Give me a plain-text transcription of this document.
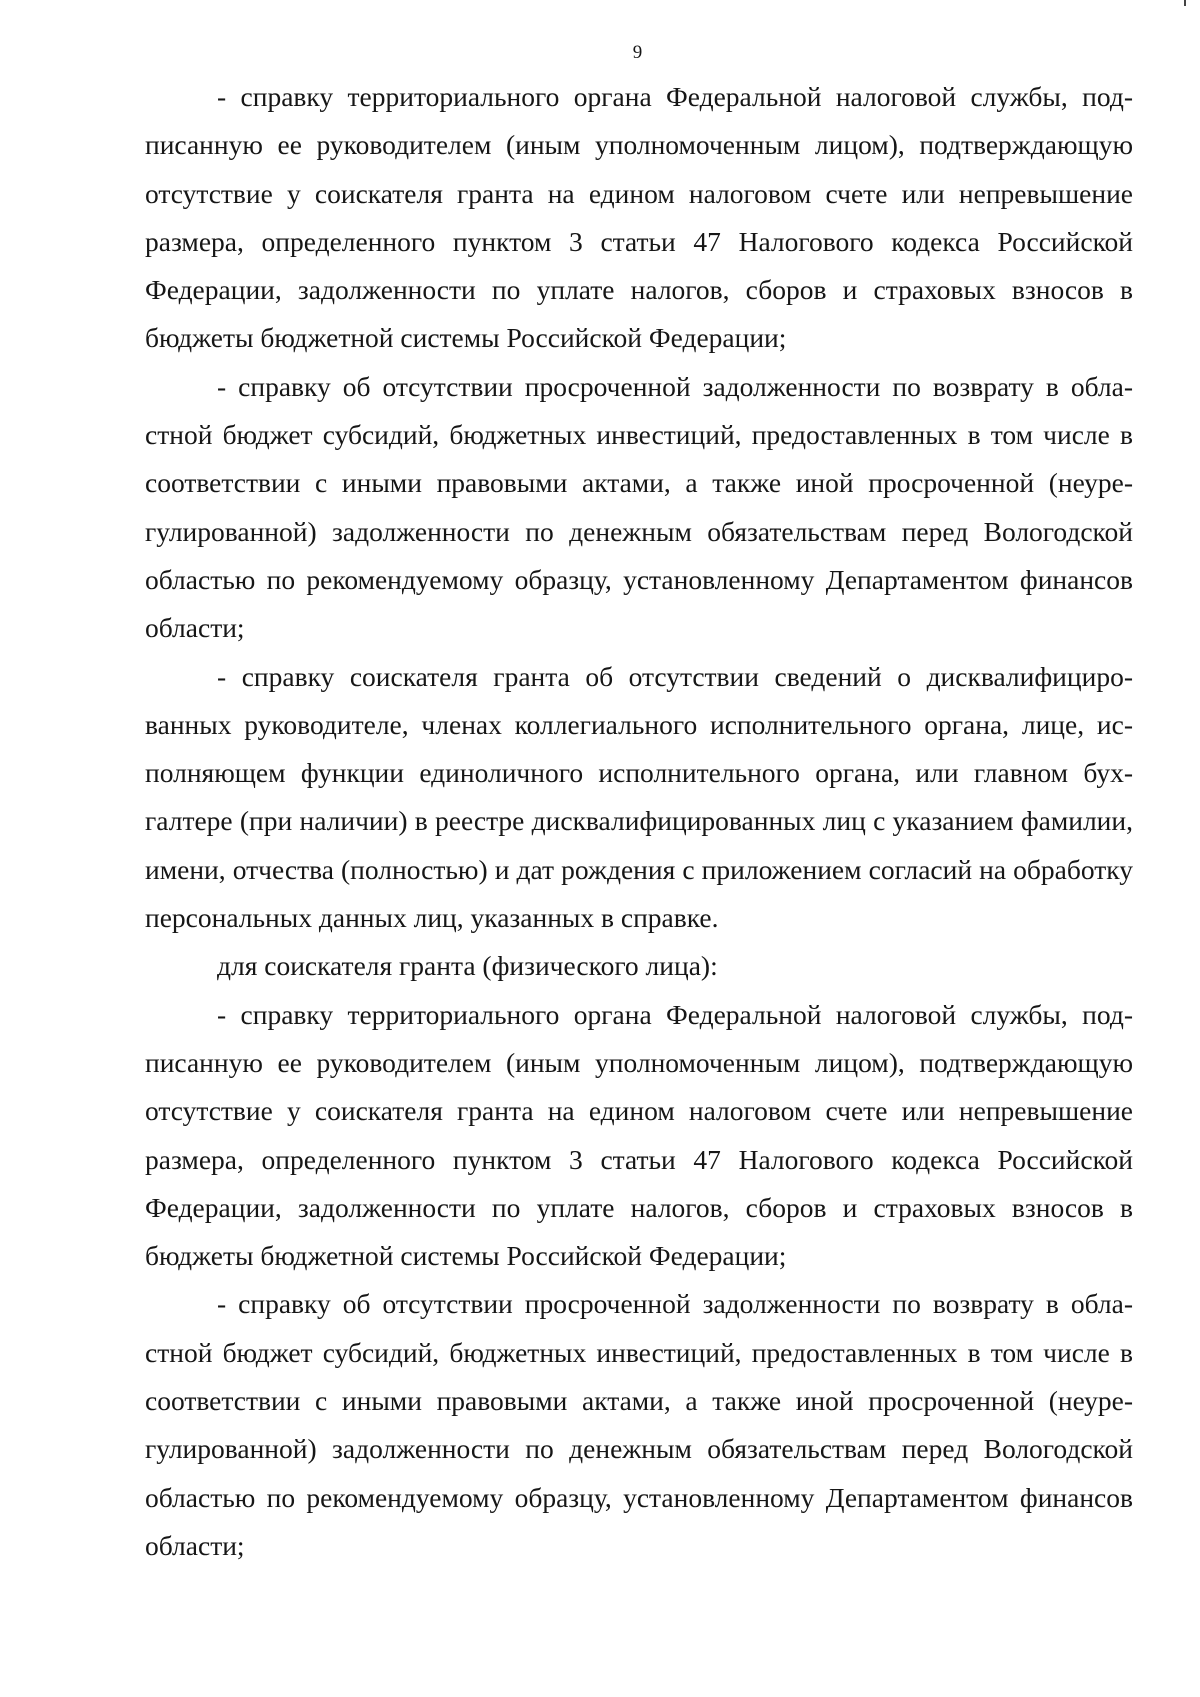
9

- справку территориального органа Федеральной налоговой службы, подписанную ее руководителем (иным уполномоченным лицом), подтверждающую отсутствие у соискателя гранта на едином налоговом счете или непревышение размера, определенного пунктом 3 статьи 47 Налогового кодекса Российской Федерации, задолженности по уплате налогов, сборов и страховых взносов в бюджеты бюджетной системы Российской Федерации;

- справку об отсутствии просроченной задолженности по возврату в областной бюджет субсидий, бюджетных инвестиций, предоставленных в том числе в соответствии с иными правовыми актами, а также иной просроченной (неурегулированной) задолженности по денежным обязательствам перед Вологодской областью по рекомендуемому образцу, установленному Департаментом финансов области;

- справку соискателя гранта об отсутствии сведений о дисквалифицированных руководителе, членах коллегиального исполнительного органа, лице, исполняющем функции единоличного исполнительного органа, или главном бухгалтере (при наличии) в реестре дисквалифицированных лиц с указанием фамилии, имени, отчества (полностью) и дат рождения с приложением согласий на обработку персональных данных лиц, указанных в справке.

для соискателя гранта (физического лица):

- справку территориального органа Федеральной налоговой службы, подписанную ее руководителем (иным уполномоченным лицом), подтверждающую отсутствие у соискателя гранта на едином налоговом счете или непревышение размера, определенного пунктом 3 статьи 47 Налогового кодекса Российской Федерации, задолженности по уплате налогов, сборов и страховых взносов в бюджеты бюджетной системы Российской Федерации;

- справку об отсутствии просроченной задолженности по возврату в областной бюджет субсидий, бюджетных инвестиций, предоставленных в том числе в соответствии с иными правовыми актами, а также иной просроченной (неурегулированной) задолженности по денежным обязательствам перед Вологодской областью по рекомендуемому образцу, установленному Департаментом финансов области;
